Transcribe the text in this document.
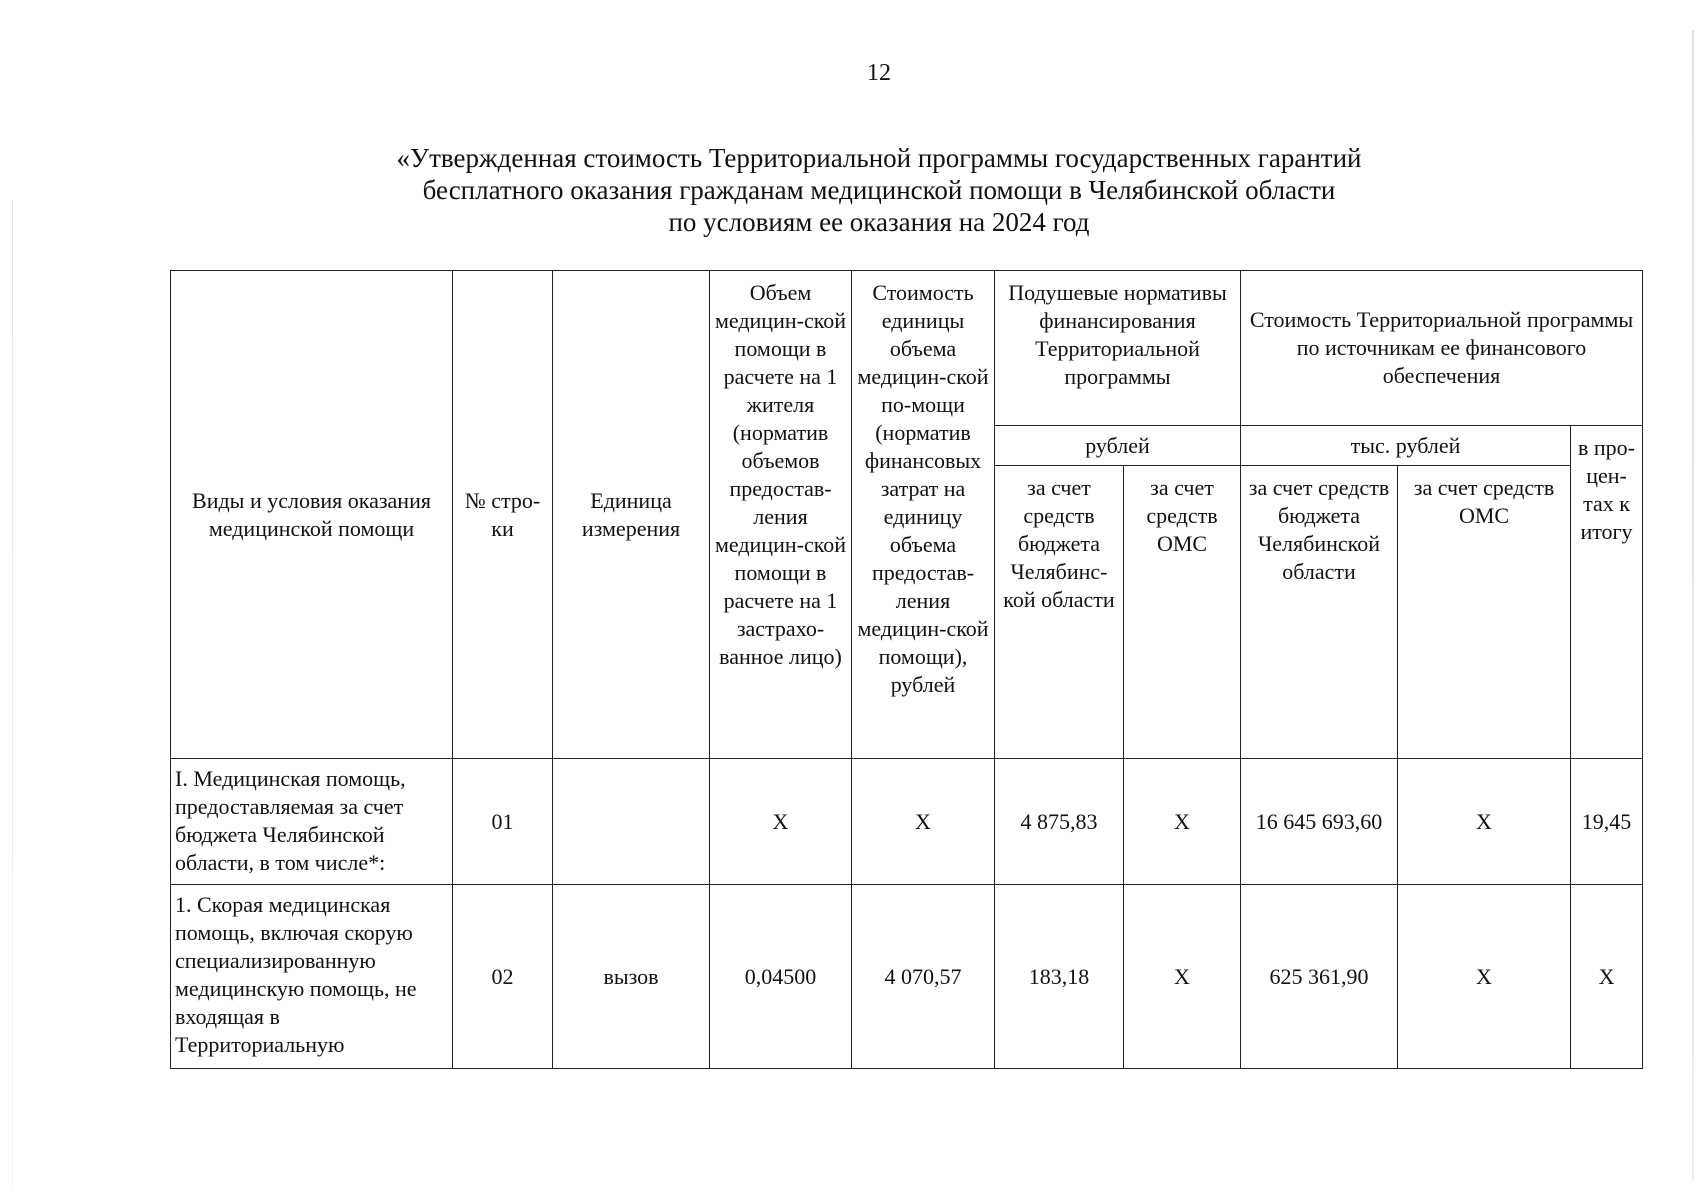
12
«Утвержденная стоимость Территориальной программы государственных гарантий
бесплатного оказания гражданам медицинской помощи в Челябинской области
по условиям ее оказания на 2024 год
Виды и условия оказания медицинской помощи	№ стро-ки	Единица измерения	Объем медицин-ской помощи в расчете на 1 жителя (норматив объемов предостав-ления медицин-ской помощи в расчете на 1 застрахо-ванное лицо)	Стоимость единицы объема медицин-ской по-мощи (норматив финансовых затрат на единицу объема предостав-ления медицин-ской помощи), рублей	Подушевые нормативы финансирования Территориальной программы		Стоимость Территориальной программы по источникам ее финансового обеспечения		
					рублей		тыс. рублей		в про-цен-тах к итогу
					за счет средств бюджета Челябинс-кой области	за счет средств ОМС	за счет средств бюджета Челябинской области	за счет средств ОМС	
I. Медицинская помощь, предоставляемая за счет бюджета Челябинской области, в том числе*:	01		X	X	4 875,83	X	16 645 693,60	X	19,45
1. Скорая медицинская помощь, включая скорую специализированную медицинскую помощь, не входящая в Территориальную	02	вызов	0,04500	4 070,57	183,18	X	625 361,90	X	X
